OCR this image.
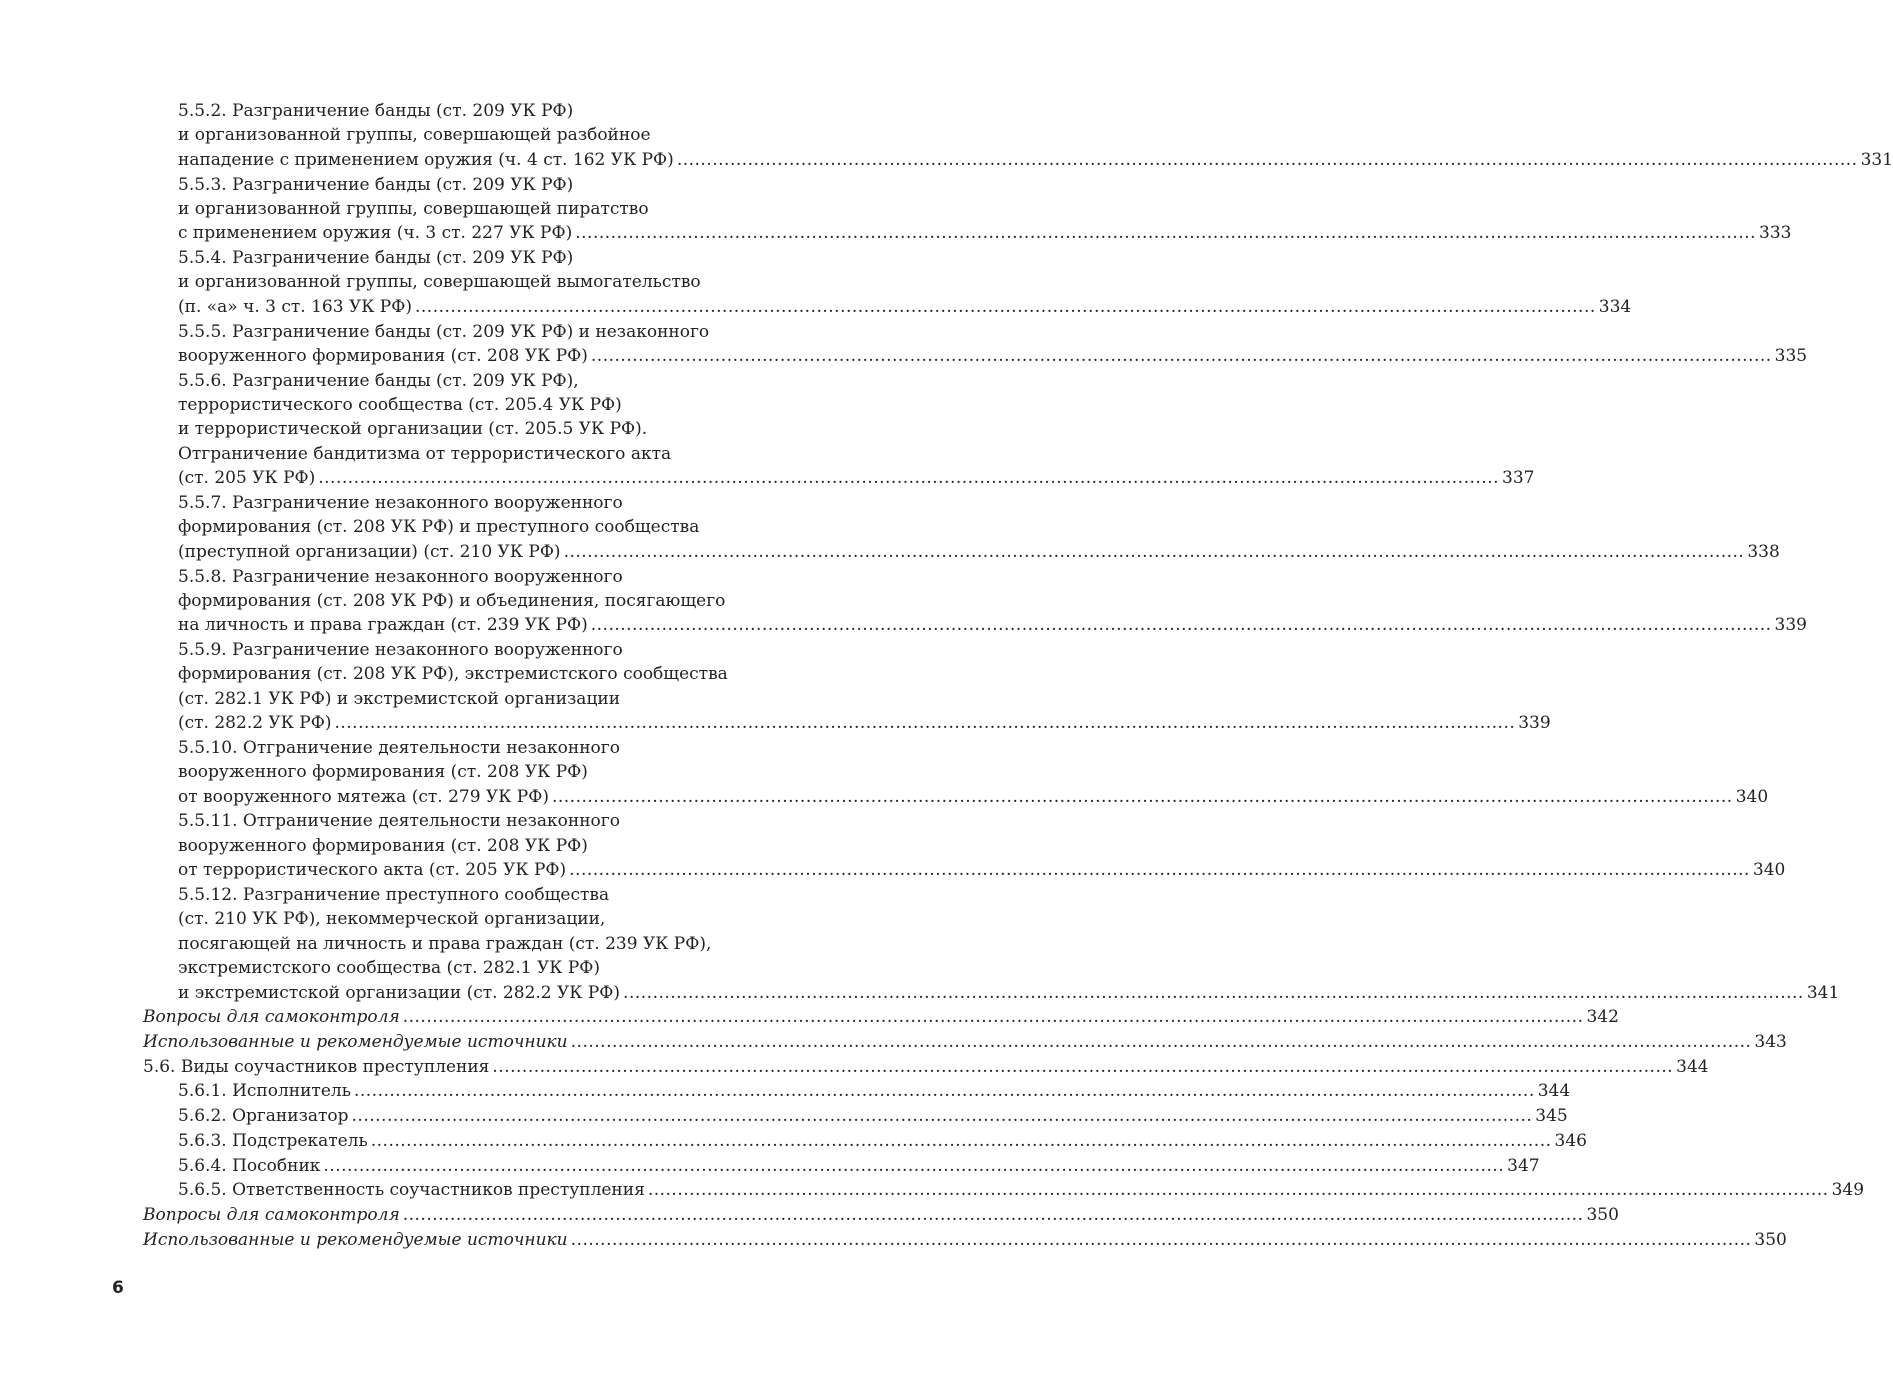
5.5.2. Разграничение банды (ст. 209 УК РФ)
и организованной группы, совершающей разбойное
нападение с применением оружия (ч. 4 ст. 162 УК РФ) ........................................................................................................................................................................................................ 331
5.5.3. Разграничение банды (ст. 209 УК РФ)
и организованной группы, совершающей пиратство
с применением оружия (ч. 3 ст. 227 УК РФ) ........................................................................................................................................................................................................ 333
5.5.4. Разграничение банды (ст. 209 УК РФ)
и организованной группы, совершающей вымогательство
(п. «а» ч. 3 ст. 163 УК РФ) ........................................................................................................................................................................................................ 334
5.5.5. Разграничение банды (ст. 209 УК РФ) и незаконного
вооруженного формирования (ст. 208 УК РФ) ........................................................................................................................................................................................................ 335
5.5.6. Разграничение банды (ст. 209 УК РФ),
террористического сообщества (ст. 205.4 УК РФ)
и террористической организации (ст. 205.5 УК РФ).
Отграничение бандитизма от террористического акта
(ст. 205 УК РФ) ........................................................................................................................................................................................................ 337
5.5.7. Разграничение незаконного вооруженного
формирования (ст. 208 УК РФ) и преступного сообщества
(преступной организации) (ст. 210 УК РФ) ........................................................................................................................................................................................................ 338
5.5.8. Разграничение незаконного вооруженного
формирования (ст. 208 УК РФ) и объединения, посягающего
на личность и права граждан (ст. 239 УК РФ) ........................................................................................................................................................................................................ 339
5.5.9. Разграничение незаконного вооруженного
формирования (ст. 208 УК РФ), экстремистского сообщества
(ст. 282.1 УК РФ) и экстремистской организации
(ст. 282.2 УК РФ) ........................................................................................................................................................................................................ 339
5.5.10. Отграничение деятельности незаконного
вооруженного формирования (ст. 208 УК РФ)
от вооруженного мятежа (ст. 279 УК РФ) ........................................................................................................................................................................................................ 340
5.5.11. Отграничение деятельности незаконного
вооруженного формирования (ст. 208 УК РФ)
от террористического акта (ст. 205 УК РФ) ........................................................................................................................................................................................................ 340
5.5.12. Разграничение преступного сообщества
(ст. 210 УК РФ), некоммерческой организации,
посягающей на личность и права граждан (ст. 239 УК РФ),
экстремистского сообщества (ст. 282.1 УК РФ)
и экстремистской организации (ст. 282.2 УК РФ) ........................................................................................................................................................................................................ 341
Вопросы для самоконтроля ........................................................................................................................................................................................................ 342
Использованные и рекомендуемые источники ........................................................................................................................................................................................................ 343
5.6. Виды соучастников преступления ........................................................................................................................................................................................................ 344
5.6.1. Исполнитель ........................................................................................................................................................................................................ 344
5.6.2. Организатор ........................................................................................................................................................................................................ 345
5.6.3. Подстрекатель ........................................................................................................................................................................................................ 346
5.6.4. Пособник ........................................................................................................................................................................................................ 347
5.6.5. Ответственность соучастников преступления ........................................................................................................................................................................................................ 349
Вопросы для самоконтроля ........................................................................................................................................................................................................ 350
Использованные и рекомендуемые источники ........................................................................................................................................................................................................ 350
6
